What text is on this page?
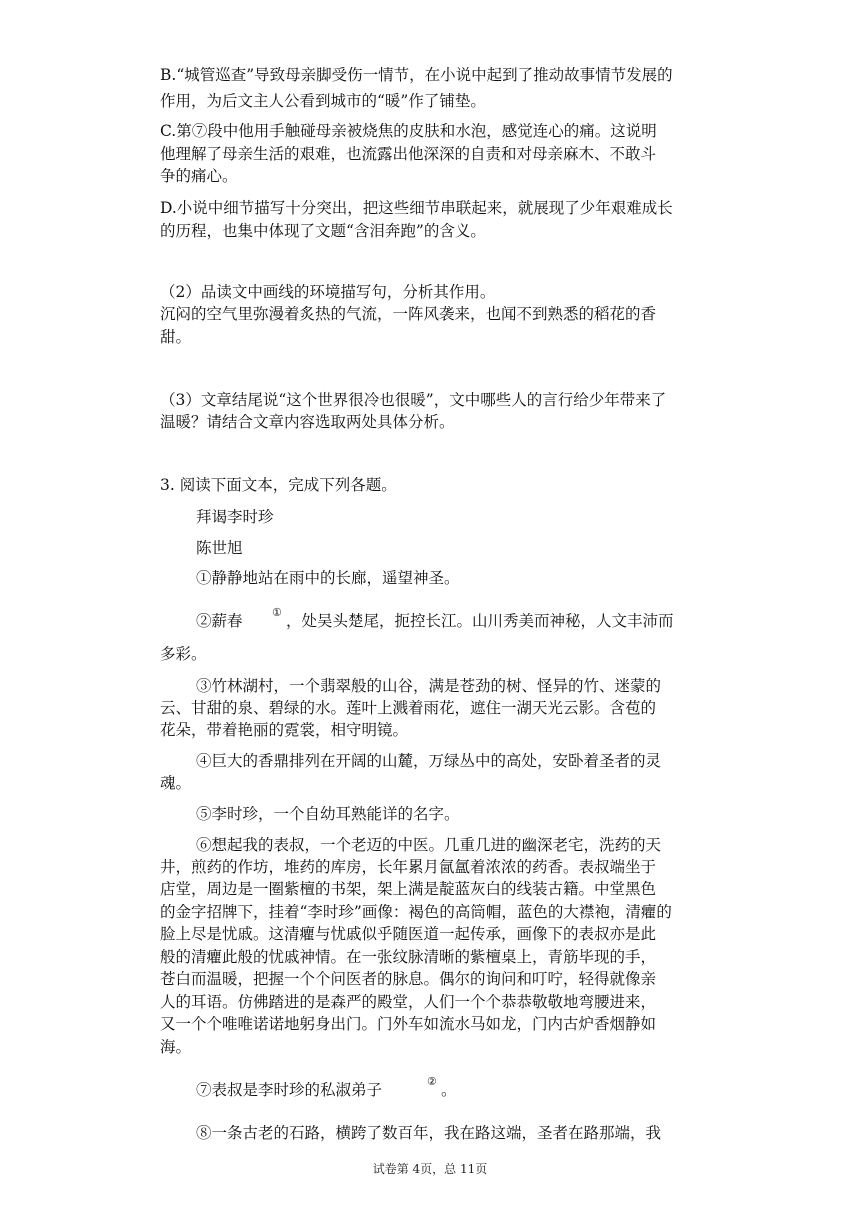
B.“城管巡查”导致母亲脚受伤一情节，在小说中起到了推动故事情节发展的
作用，为后文主人公看到城市的“暖”作了铺垫。
C.第⑦段中他用手触碰母亲被烧焦的皮肤和水泡，感觉连心的痛。这说明
他理解了母亲生活的艰难，也流露出他深深的自责和对母亲麻木、不敢斗
争的痛心。
D.小说中细节描写十分突出，把这些细节串联起来，就展现了少年艰难成长
的历程，也集中体现了文题“含泪奔跑”的含义。
（2）品读文中画线的环境描写句，分析其作用。
沉闷的空气里弥漫着炙热的气流，一阵风袭来，也闻不到熟悉的稻花的香
甜。
（3）文章结尾说“这个世界很冷也很暖”，文中哪些人的言行给少年带来了
温暖？请结合文章内容选取两处具体分析。
3. 阅读下面文本，完成下列各题。
拜谒李时珍
陈世旭
①静静地站在雨中的长廊，遥望神圣。
②薪春	① ，处吴头楚尾，扼控长江。山川秀美而神秘，人文丰沛而
多彩。
③竹林湖村，一个翡翠般的山谷，满是苍劲的树、怪异的竹、迷蒙的
云、甘甜的泉、碧绿的水。莲叶上溅着雨花，遮住一湖天光云影。含苞的
花朵，带着艳丽的霓裳，相守明镜。
④巨大的香鼎排列在开阔的山麓，万绿丛中的高处，安卧着圣者的灵
魂。
⑤李时珍，一个自幼耳熟能详的名字。
⑥想起我的表叔，一个老迈的中医。几重几进的幽深老宅，洗药的天
井，煎药的作坊，堆药的库房，长年累月氤氲着浓浓的药香。表叔端坐于
店堂，周边是一圈紫檀的书架，架上满是靛蓝灰白的线装古籍。中堂黑色
的金字招牌下，挂着“李时珍”画像：褐色的高筒帽，蓝色的大襟袍，清癯的
脸上尽是忧戚。这清癯与忧戚似乎随医道一起传承，画像下的表叔亦是此
般的清癯此般的忧戚神情。在一张纹脉清晰的紫檀桌上，青筋毕现的手，
苍白而温暖，把握一个个问医者的脉息。偶尔的询问和叮咛，轻得就像亲
人的耳语。仿佛踏进的是森严的殿堂，人们一个个恭恭敬敬地弯腰进来，
又一个个唯唯诺诺地躬身出门。门外车如流水马如龙，门内古炉香烟静如
海。
⑦表叔是李时珍的私淑弟子	② 。
⑧一条古老的石路，横跨了数百年，我在路这端，圣者在路那端，我
试卷第 4页，总 11页
